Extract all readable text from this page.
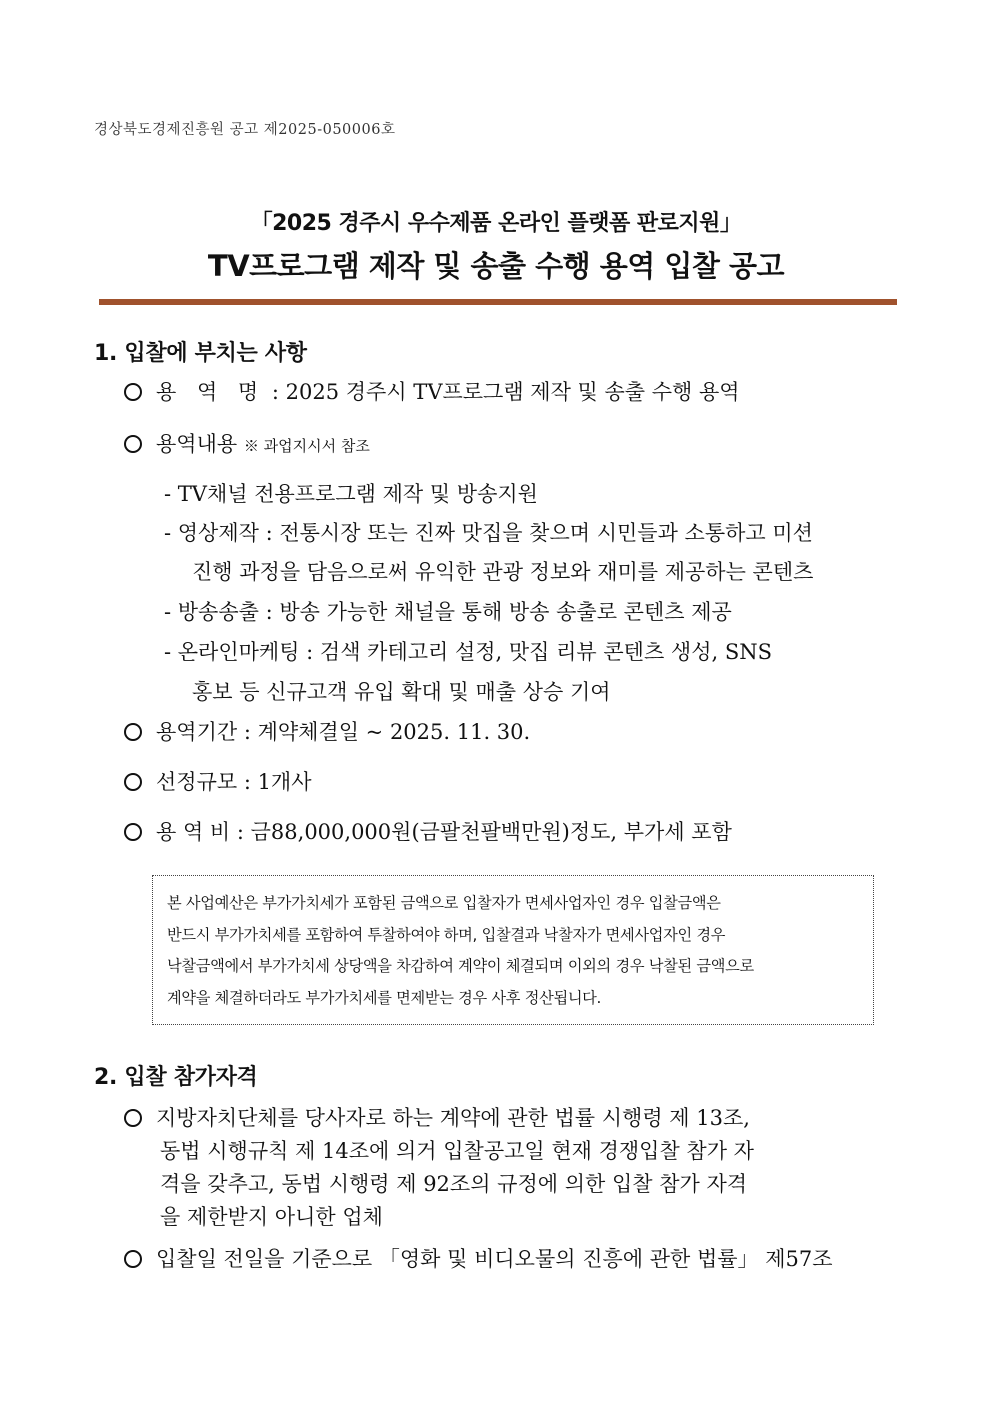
경상북도경제진흥원 공고 제2025-050006호
「2025 경주시 우수제품 온라인 플랫폼 판로지원」
TV프로그램 제작 및 송출 수행 용역 입찰 공고
1. 입찰에 부치는 사항
용 역 명 : 2025 경주시 TV프로그램 제작 및 송출 수행 용역
용역내용 ※ 과업지시서 참조
- TV채널 전용프로그램 제작 및 방송지원
- 영상제작 : 전통시장 또는 진짜 맛집을 찾으며 시민들과 소통하고 미션
진행 과정을 담음으로써 유익한 관광 정보와 재미를 제공하는 콘텐츠
- 방송송출 : 방송 가능한 채널을 통해 방송 송출로 콘텐츠 제공
- 온라인마케팅 : 검색 카테고리 설정, 맛집 리뷰 콘텐츠 생성, SNS
홍보 등 신규고객 유입 확대 및 매출 상승 기여
용역기간 : 계약체결일 ~ 2025. 11. 30.
선정규모 : 1개사
용 역 비 : 금88,000,000원(금팔천팔백만원)정도, 부가세 포함

본 사업예산은 부가가치세가 포함된 금액으로 입찰자가 면세사업자인 경우 입찰금액은

반드시 부가가치세를 포함하여 투찰하여야 하며, 입찰결과 낙찰자가 면세사업자인 경우

낙찰금액에서 부가가치세 상당액을 차감하여 계약이 체결되며 이외의 경우 낙찰된 금액으로

계약을 체결하더라도 부가가치세를 면제받는 경우 사후 정산됩니다.

2. 입찰 참가자격
지방자치단체를 당사자로 하는 계약에 관한 법률 시행령 제 13조,
동법 시행규칙 제 14조에 의거 입찰공고일 현재 경쟁입찰 참가 자
격을 갖추고, 동법 시행령 제 92조의 규정에 의한 입찰 참가 자격
을 제한받지 아니한 업체
입찰일 전일을 기준으로 「영화 및 비디오물의 진흥에 관한 법률」 제57조
